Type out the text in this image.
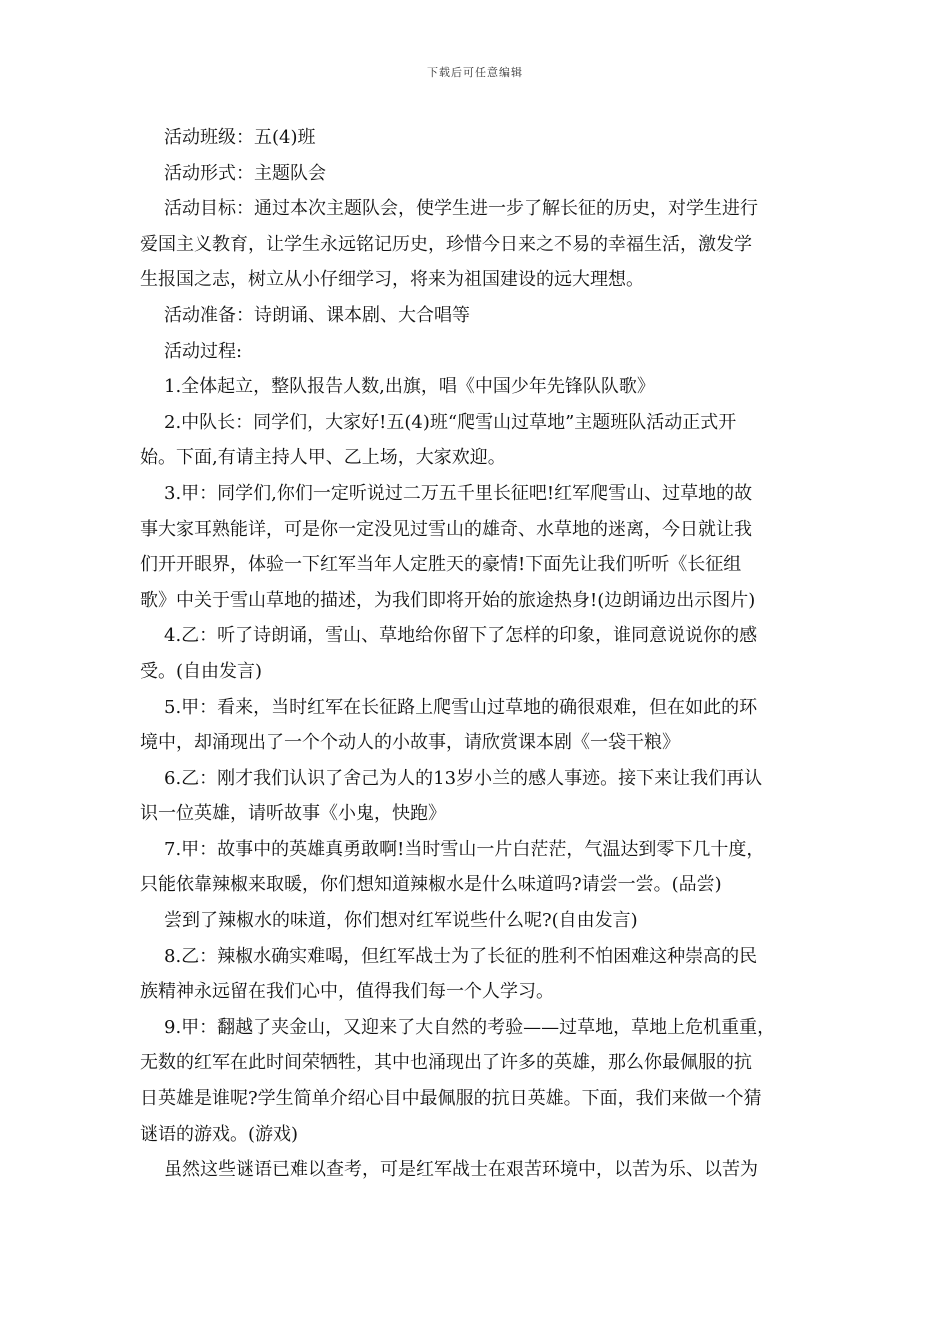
下载后可任意编辑
活动班级：五(4)班
活动形式：主题队会
活动目标：通过本次主题队会，使学生进一步了解长征的历史，对学生进行
爱国主义教育，让学生永远铭记历史，珍惜今日来之不易的幸福生活，激发学
生报国之志，树立从小仔细学习，将来为祖国建设的远大理想。
活动准备：诗朗诵、课本剧、大合唱等
活动过程:
1.全体起立，整队报告人数,出旗，唱《中国少年先锋队队歌》
2.中队长：同学们，大家好!五(4)班“爬雪山过草地”主题班队活动正式开
始。下面,有请主持人甲、乙上场，大家欢迎。
3.甲：同学们,你们一定听说过二万五千里长征吧!红军爬雪山、过草地的故
事大家耳熟能详，可是你一定没见过雪山的雄奇、水草地的迷离，今日就让我
们开开眼界，体验一下红军当年人定胜天的豪情!下面先让我们听听《长征组
歌》中关于雪山草地的描述，为我们即将开始的旅途热身!(边朗诵边出示图片)
4.乙：听了诗朗诵，雪山、草地给你留下了怎样的印象，谁同意说说你的感
受。(自由发言)
5.甲：看来，当时红军在长征路上爬雪山过草地的确很艰难，但在如此的环
境中，却涌现出了一个个动人的小故事，请欣赏课本剧《一袋干粮》
6.乙：刚才我们认识了舍己为人的13岁小兰的感人事迹。接下来让我们再认
识一位英雄，请听故事《小鬼，快跑》
7.甲：故事中的英雄真勇敢啊!当时雪山一片白茫茫，气温达到零下几十度，
只能依靠辣椒来取暖，你们想知道辣椒水是什么味道吗?请尝一尝。(品尝)
尝到了辣椒水的味道，你们想对红军说些什么呢?(自由发言)
8.乙：辣椒水确实难喝，但红军战士为了长征的胜利不怕困难这种崇高的民
族精神永远留在我们心中，值得我们每一个人学习。
9.甲：翻越了夹金山，又迎来了大自然的考验——过草地，草地上危机重重，
无数的红军在此时间荣牺牲，其中也涌现出了许多的英雄，那么你最佩服的抗
日英雄是谁呢?学生简单介绍心目中最佩服的抗日英雄。下面，我们来做一个猜
谜语的游戏。(游戏)
虽然这些谜语已难以查考，可是红军战士在艰苦环境中，以苦为乐、以苦为
